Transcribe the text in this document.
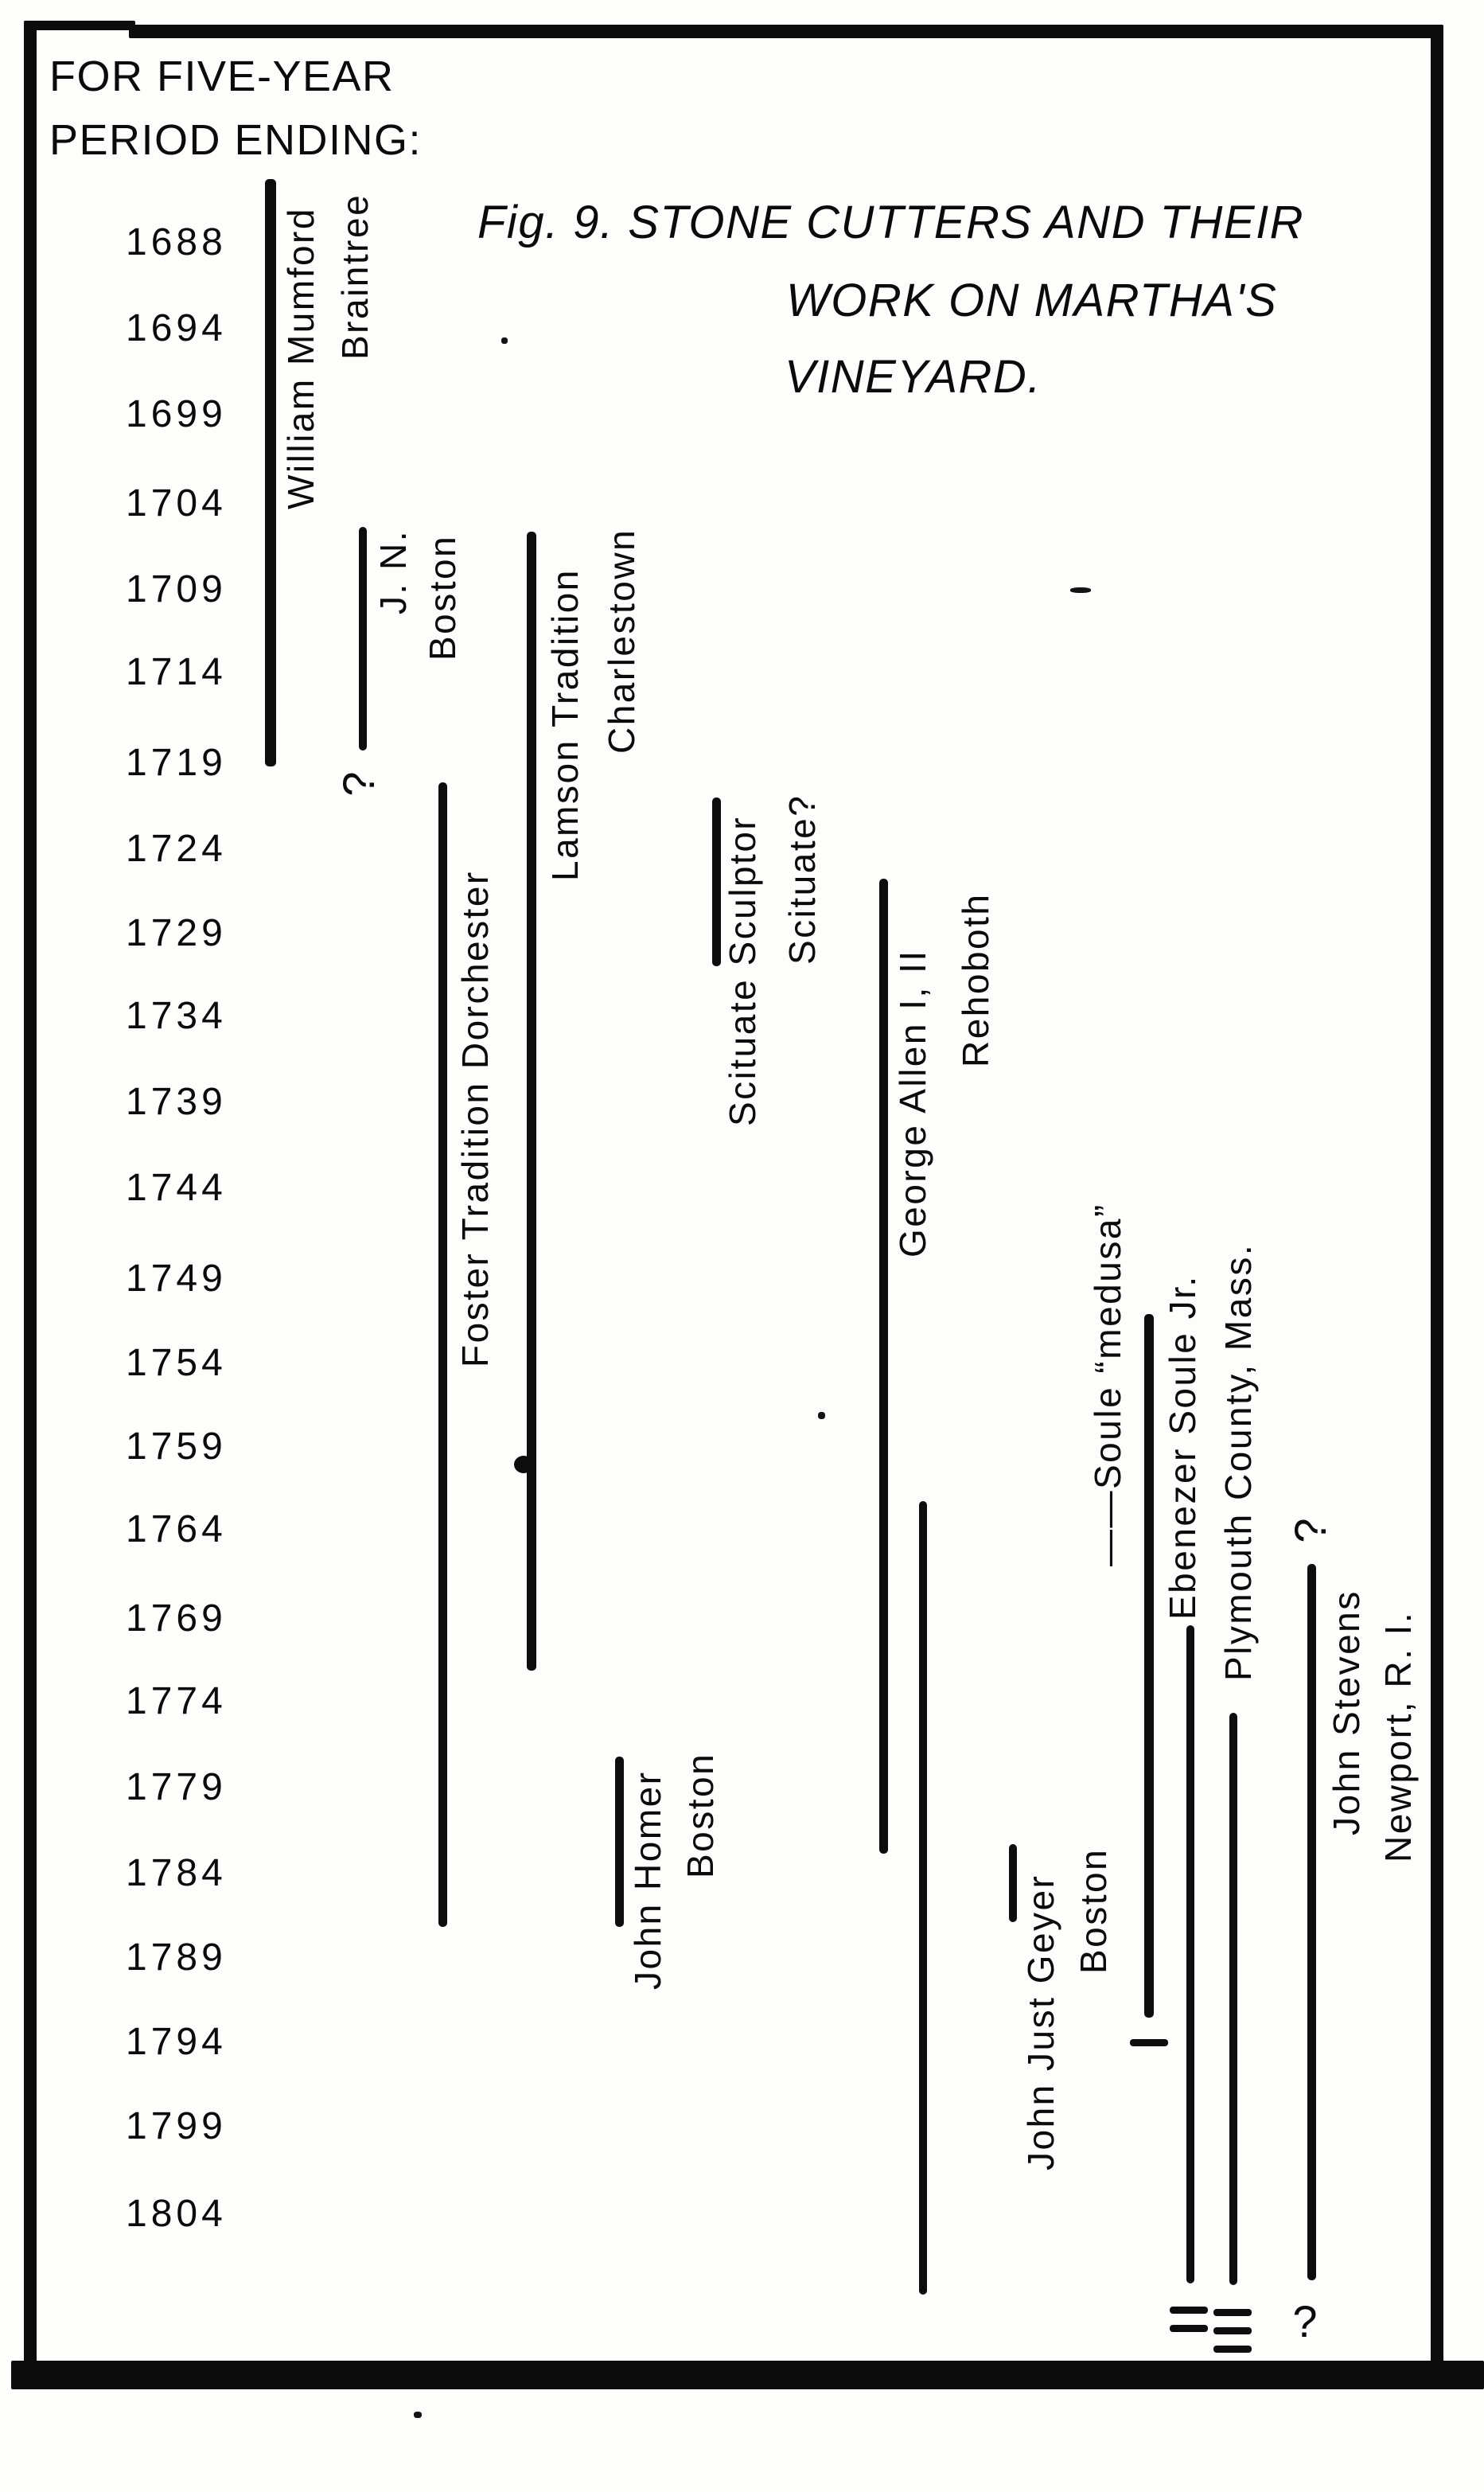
FOR FIVE-YEAR
PERIOD ENDING:
Fig. 9. STONE CUTTERS AND THEIR
WORK ON MARTHA'S
VINEYARD.
1688
1694
1699
1704
1709
1714
1719
1724
1729
1734
1739
1744
1749
1754
1759
1764
1769
1774
1779
1784
1789
1794
1799
1804
William Mumford Braintree
J. N. Boston Lamson Tradition Charlestown
Foster Tradition Dorchester	Scituate Sculptor Scituate?
George Allen I, II Rehoboth
——Soule “medusa” Ebenezer Soule Jr. Plymouth County, Mass.
John Stevens Newport, R. I.
John Homer Boston
John Just Geyer Boston
?
?
?
